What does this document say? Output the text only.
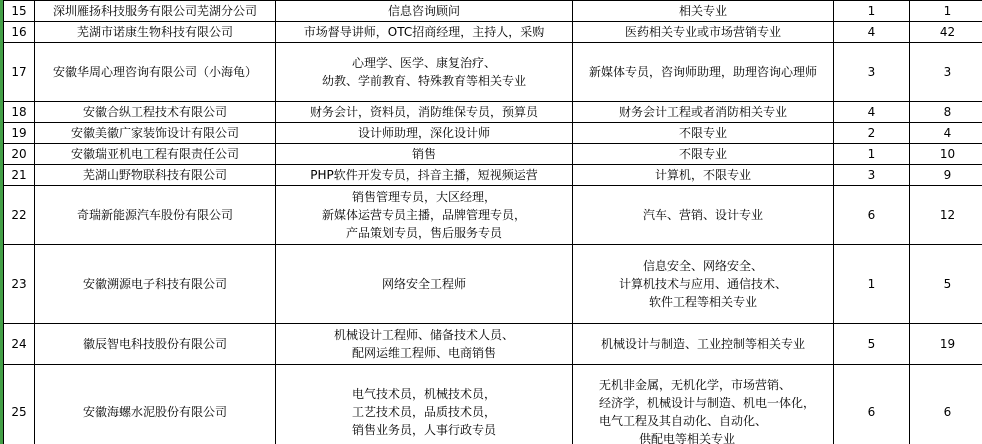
15	深圳雁扬科技服务有限公司芜湖分公司	信息咨询顾问	相关专业	1	1
16	芜湖市诺康生物科技有限公司	市场督导讲师，OTC招商经理，主持人，采购	医药相关专业或市场营销专业	4	42
17	安徽华周心理咨询有限公司（小海龟）	心理学、医学、康复治疗、
幼教、学前教育、特殊教育等相关专业	新媒体专员，咨询师助理，助理咨询心理师	3	3
18	安徽合纵工程技术有限公司	财务会计，资料员，消防维保专员，预算员	财务会计工程或者消防相关专业	4	8
19	安徽美徽广家装饰设计有限公司	设计师助理，深化设计师	不限专业	2	4
20	安徽瑞亚机电工程有限责任公司	销售	不限专业	1	10
21	芜湖山野物联科技有限公司	PHP软件开发专员，抖音主播，短视频运营	计算机，不限专业	3	9
22	奇瑞新能源汽车股份有限公司	销售管理专员，大区经理，
新媒体运营专员主播，品牌管理专员，
产品策划专员，售后服务专员	汽车、营销、设计专业	6	12
23	安徽溯源电子科技有限公司	网络安全工程师	信息安全、网络安全、
计算机技术与应用、通信技术、
软件工程等相关专业	1	5
24	徽辰智电科技股份有限公司	机械设计工程师、储备技术人员、
配网运维工程师、电商销售	机械设计与制造、工业控制等相关专业	5	19
25	安徽海螺水泥股份有限公司	电气技术员，机械技术员，
工艺技术员，品质技术员，
销售业务员，人事行政专员	无机非金属，无机化学，市场营销、
经济学，机械设计与制造、机电一体化，
电气工程及其自动化、自动化、
供配电等相关专业	6	6
